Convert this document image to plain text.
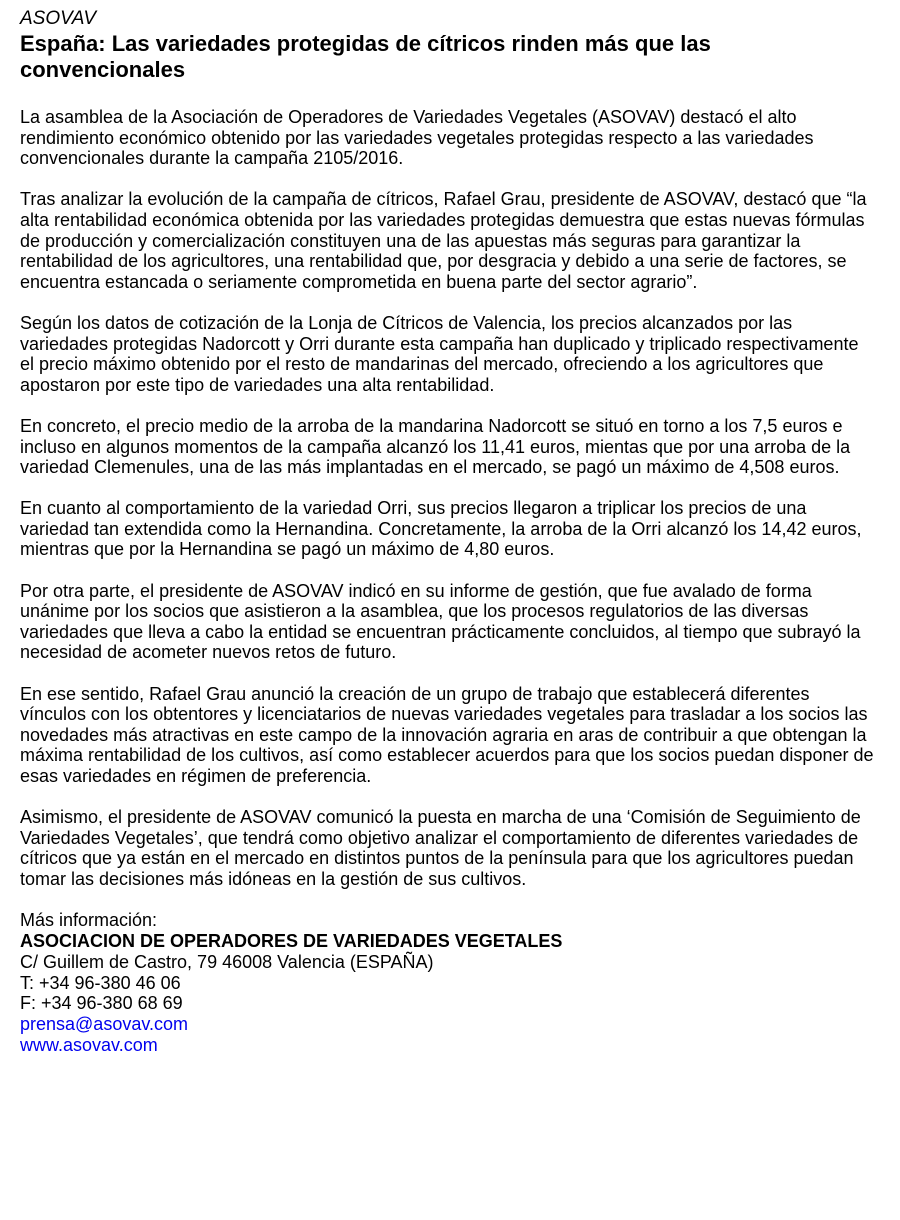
ASOVAV

España: Las variedades protegidas de cítricos rinden más que las convencionales

La asamblea de la Asociación de Operadores de Variedades Vegetales (ASOVAV) destacó el alto rendimiento económico obtenido por las variedades vegetales protegidas respecto a las variedades convencionales durante la campaña 2105/2016.

Tras analizar la evolución de la campaña de cítricos, Rafael Grau, presidente de ASOVAV, destacó que “la alta rentabilidad económica obtenida por las variedades protegidas demuestra que estas nuevas fórmulas de producción y comercialización constituyen una de las apuestas más seguras para garantizar la rentabilidad de los agricultores, una rentabilidad que, por desgracia y debido a una serie de factores, se encuentra estancada o seriamente comprometida en buena parte del sector agrario”.

Según los datos de cotización de la Lonja de Cítricos de Valencia, los precios alcanzados por las variedades protegidas Nadorcott y Orri durante esta campaña han duplicado y triplicado respectivamente el precio máximo obtenido por el resto de mandarinas del mercado, ofreciendo a los agricultores que apostaron por este tipo de variedades una alta rentabilidad.

En concreto, el precio medio de la arroba de la mandarina Nadorcott se situó en torno a los 7,5 euros e incluso en algunos momentos de la campaña alcanzó los 11,41 euros, mientas que por una arroba de la variedad Clemenules, una de las más implantadas en el mercado, se pagó un máximo de 4,508 euros.

En cuanto al comportamiento de la variedad Orri, sus precios llegaron a triplicar los precios de una variedad tan extendida como la Hernandina. Concretamente, la arroba de la Orri alcanzó los 14,42 euros, mientras que por la Hernandina se pagó un máximo de 4,80 euros.

Por otra parte, el presidente de ASOVAV indicó en su informe de gestión, que fue avalado de forma unánime por los socios que asistieron a la asamblea, que los procesos regulatorios de las diversas variedades que lleva a cabo la entidad se encuentran prácticamente concluidos, al tiempo que subrayó la necesidad de acometer nuevos retos de futuro.

En ese sentido, Rafael Grau anunció la creación de un grupo de trabajo que establecerá diferentes vínculos con los obtentores y licenciatarios de nuevas variedades vegetales para trasladar a los socios las novedades más atractivas en este campo de la innovación agraria en aras de contribuir a que obtengan la máxima rentabilidad de los cultivos, así como establecer acuerdos para que los socios puedan disponer de esas variedades en régimen de preferencia.

Asimismo, el presidente de ASOVAV comunicó la puesta en marcha de una ‘Comisión de Seguimiento de Variedades Vegetales’, que tendrá como objetivo analizar el comportamiento de diferentes variedades de cítricos que ya están en el mercado en distintos puntos de la península para que los agricultores puedan tomar las decisiones más idóneas en la gestión de sus cultivos.

Más información:
ASOCIACION DE OPERADORES DE VARIEDADES VEGETALES
C/ Guillem de Castro, 79 46008 Valencia (ESPAÑA)
T: +34 96-380 46 06
F: +34 96-380 68 69
prensa@asovav.com
www.asovav.com
